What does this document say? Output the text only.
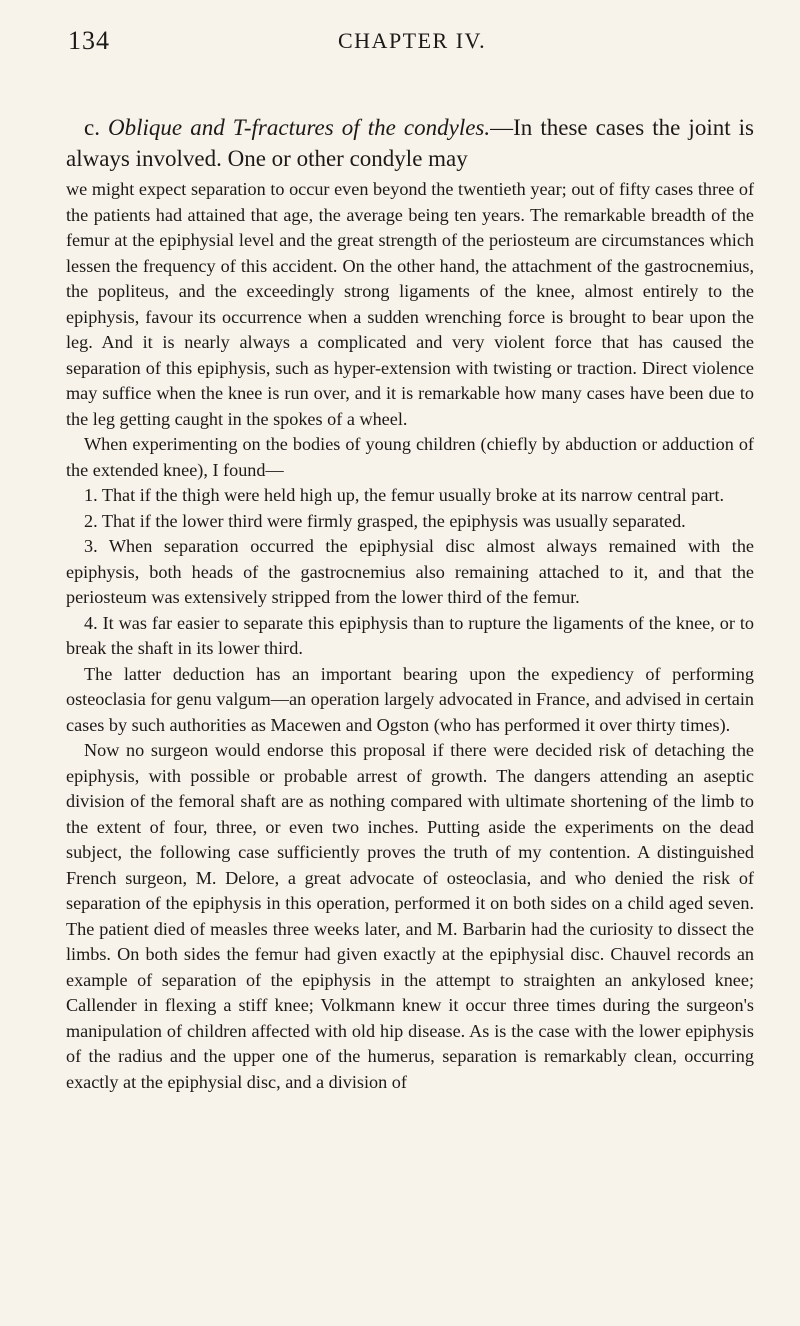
134	CHAPTER IV.

c. Oblique and T-fractures of the condyles.—In these cases the joint is always involved. One or other condyle may

we might expect separation to occur even beyond the twentieth year; out of fifty cases three of the patients had attained that age, the average being ten years. The remarkable breadth of the femur at the epiphysial level and the great strength of the periosteum are circumstances which lessen the frequency of this accident. On the other hand, the attachment of the gastrocnemius, the popliteus, and the exceedingly strong ligaments of the knee, almost entirely to the epiphysis, favour its occurrence when a sudden wrenching force is brought to bear upon the leg. And it is nearly always a complicated and very violent force that has caused the separation of this epiphysis, such as hyper-extension with twisting or traction. Direct violence may suffice when the knee is run over, and it is remarkable how many cases have been due to the leg getting caught in the spokes of a wheel.

When experimenting on the bodies of young children (chiefly by abduction or adduction of the extended knee), I found—

1. That if the thigh were held high up, the femur usually broke at its narrow central part.

2. That if the lower third were firmly grasped, the epiphysis was usually separated.

3. When separation occurred the epiphysial disc almost always remained with the epiphysis, both heads of the gastrocnemius also remaining attached to it, and that the periosteum was extensively stripped from the lower third of the femur.

4. It was far easier to separate this epiphysis than to rupture the ligaments of the knee, or to break the shaft in its lower third.

The latter deduction has an important bearing upon the expediency of performing osteoclasia for genu valgum—an operation largely advocated in France, and advised in certain cases by such authorities as Macewen and Ogston (who has performed it over thirty times).

Now no surgeon would endorse this proposal if there were decided risk of detaching the epiphysis, with possible or probable arrest of growth. The dangers attending an aseptic division of the femoral shaft are as nothing compared with ultimate shortening of the limb to the extent of four, three, or even two inches. Putting aside the experiments on the dead subject, the following case sufficiently proves the truth of my contention. A distinguished French surgeon, M. Delore, a great advocate of osteoclasia, and who denied the risk of separation of the epiphysis in this operation, performed it on both sides on a child aged seven. The patient died of measles three weeks later, and M. Barbarin had the curiosity to dissect the limbs. On both sides the femur had given exactly at the epiphysial disc. Chauvel records an example of separation of the epiphysis in the attempt to straighten an ankylosed knee; Callender in flexing a stiff knee; Volkmann knew it occur three times during the surgeon's manipulation of children affected with old hip disease. As is the case with the lower epiphysis of the radius and the upper one of the humerus, separation is remarkably clean, occurring exactly at the epiphysial disc, and a division of
